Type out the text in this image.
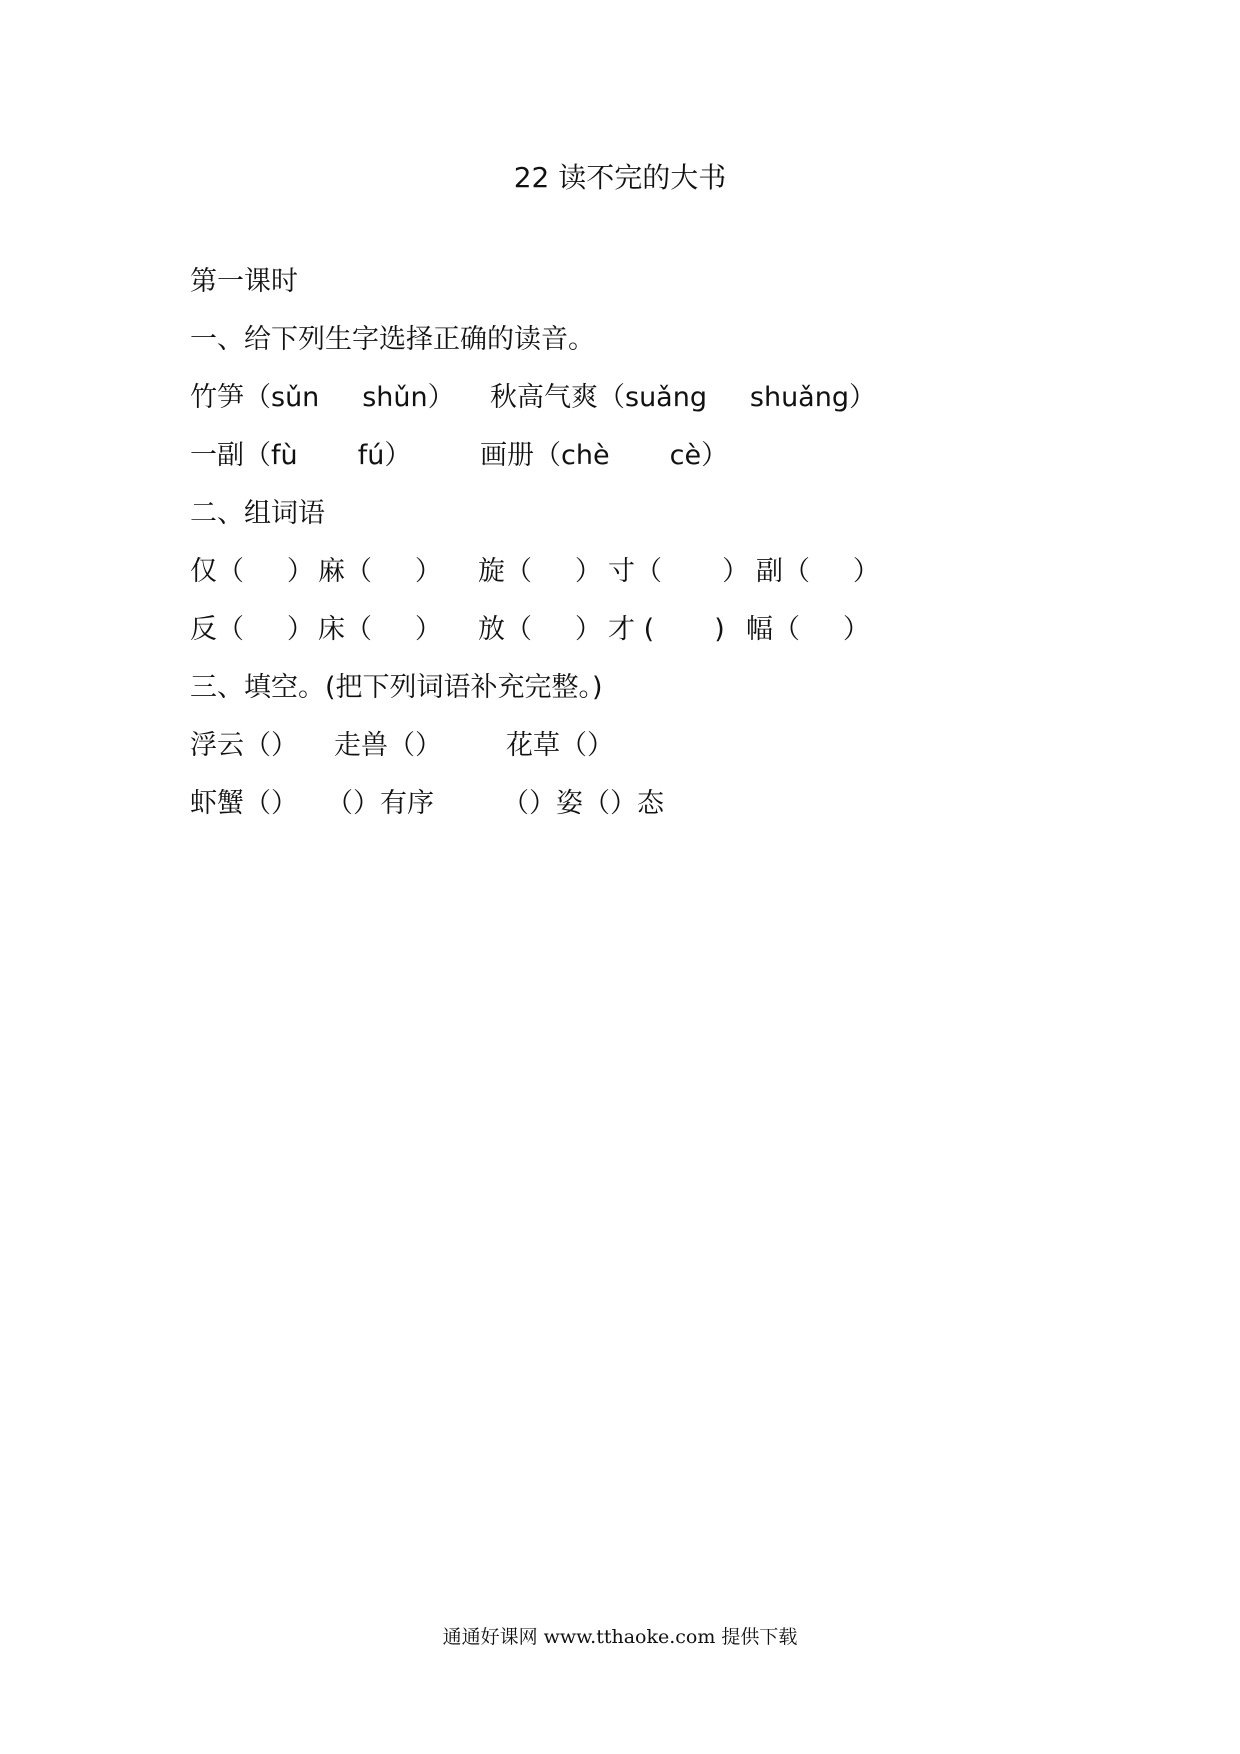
22 读不完的大书
第一课时
一、给下列生字选择正确的读音。
竹笋（sǔn     shǔn） 秋高气爽（suǎng     shuǎng）
一副（fù       fú）	画册（chè       cè）
二、组词语
仅（     ） 麻（     ） 旋（     ） 寸（       ） 副（     ）
反（     ） 床（     ） 放（     ） 才 (       ) 幅（     ）
三、填空。(把下列词语补充完整。)
浮云（） 走兽（） 花草（）
虾蟹（） （）有序	（）姿（）态
通通好课网 www.tthaoke.com 提供下载
